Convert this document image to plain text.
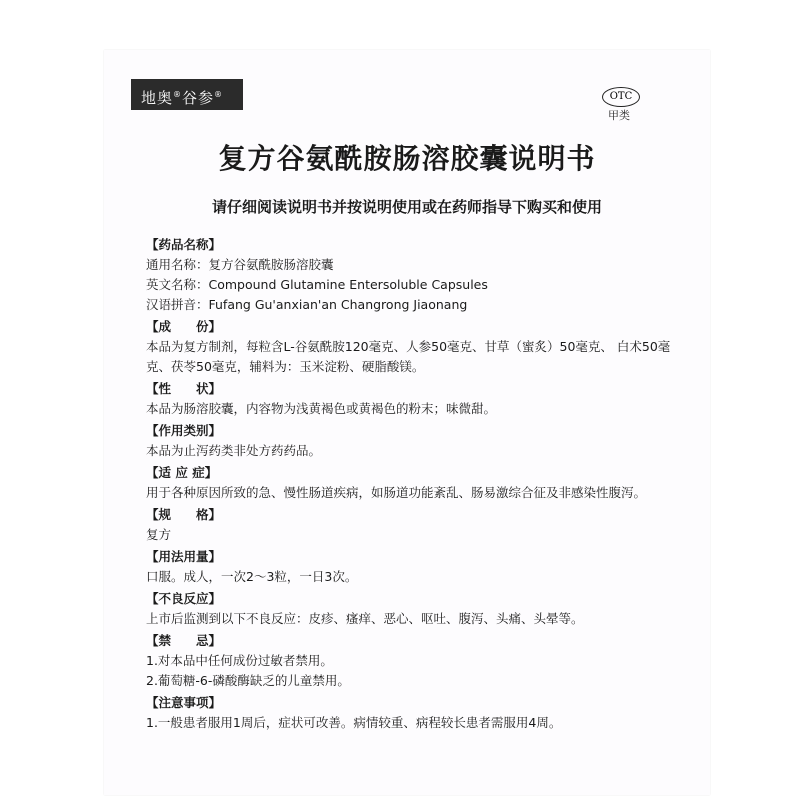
地奥®谷参®	OTC
甲类
复方谷氨酰胺肠溶胶囊说明书
请仔细阅读说明书并按说明使用或在药师指导下购买和使用
【药品名称】
通用名称：复方谷氨酰胺肠溶胶囊
英文名称：Compound Glutamine Entersoluble Capsules
汉语拼音：Fufang Gu'anxian'an Changrong Jiaonang
【成　　份】
本品为复方制剂，每粒含L-谷氨酰胺120毫克、人参50毫克、甘草（蜜炙）50毫克、 白术50毫克、茯苓50毫克，辅料为：玉米淀粉、硬脂酸镁。
【性　　状】
本品为肠溶胶囊，内容物为浅黄褐色或黄褐色的粉末；味微甜。
【作用类别】
本品为止泻药类非处方药药品。
【适 应 症】
用于各种原因所致的急、慢性肠道疾病，如肠道功能紊乱、肠易激综合征及非感染性腹泻。
【规　　格】
复方
【用法用量】
口服。成人，一次2～3粒，一日3次。
【不良反应】
上市后监测到以下不良反应：皮疹、瘙痒、恶心、呕吐、腹泻、头痛、头晕等。
【禁　　忌】
1.对本品中任何成份过敏者禁用。
2.葡萄糖-6-磷酸酶缺乏的儿童禁用。
【注意事项】
1.一般患者服用1周后，症状可改善。病情较重、病程较长患者需服用4周。
